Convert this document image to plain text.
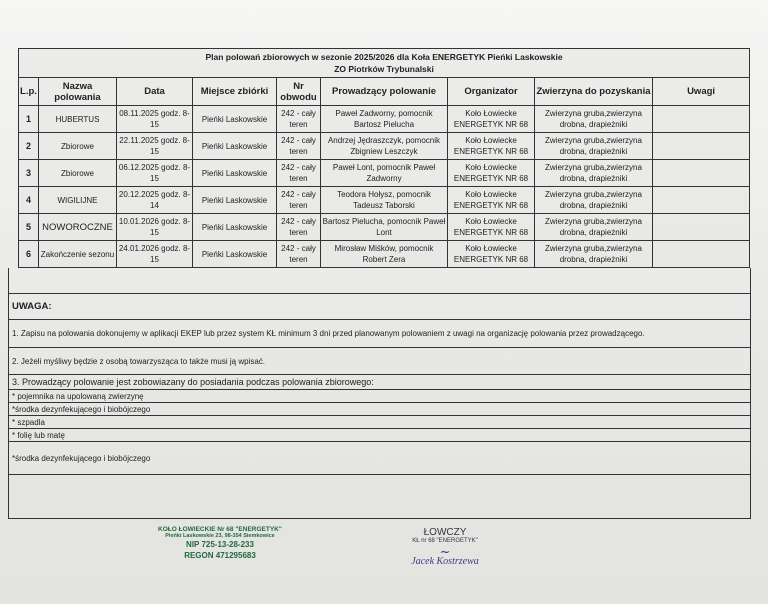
Plan polowań zbiorowych w sezonie 2025/2026 dla Koła ENERGETYK Pieńki Laskowskie
ZO Piotrków Trybunalski								

L.p.	Nazwa polowania	Data	Miejsce zbiórki	Nr obwodu	Prowadzący polowanie	Organizator	Zwierzyna do pozyskania	Uwagi
1	HUBERTUS	08.11.2025 godz. 8-15	Pieńki Laskowskie	242 - cały teren	Paweł Zadworny, pomocnik Bartosz Pielucha	Koło Łowiecke ENERGETYK NR 68	Zwierzyna gruba,zwierzyna drobna, drapieżniki	
2	Zbiorowe	22.11.2025 godz. 8-15	Pieńki Laskowskie	242 - cały teren	Andrzej Jędraszczyk, pomocnik Zbigniew Leszczyk	Koło Łowiecke ENERGETYK NR 68	Zwierzyna gruba,zwierzyna drobna, drapieżniki	
3	Zbiorowe	06.12.2025 godz. 8-15	Pieńki Laskowskie	242 - cały teren	Paweł Lont, pomocnik Paweł Zadworny	Koło Łowiecke ENERGETYK NR 68	Zwierzyna gruba,zwierzyna drobna, drapieżniki	
4	WIGILIJNE	20.12.2025 godz. 8-14	Pieńki Laskowskie	242 - cały teren	Teodora Hołysz, pomocnik Tadeusz Taborski	Koło Łowiecke ENERGETYK NR 68	Zwierzyna gruba,zwierzyna drobna, drapieżniki	
5	NOWOROCZNE	10.01.2026 godz. 8-15	Pieńki Laskowskie	242 - cały teren	Bartosz Pielucha, pomocnik Paweł Lont	Koło Łowiecke ENERGETYK NR 68	Zwierzyna gruba,zwierzyna drobna, drapieżniki	
6	Zakończenie sezonu	24.01.2026 godz. 8-15	Pieńki Laskowskie	242 - cały teren	Mirosław Miśków, pomocnik Robert Zera	Koło Łowiecke ENERGETYK NR 68	Zwierzyna gruba,zwierzyna drobna, drapieżniki	
UWAGA:
1. Zapisu na polowania dokonujemy w aplikacji EKEP lub przez system KŁ minimum 3 dni przed planowanym polowaniem z uwagi na organizację polowania przez prowadzącego.
2. Jeżeli myśliwy będzie z osobą towarzysząca to także musi ją wpisać.
3. Prowadzący polowanie jest zobowiazany do posiadania podczas polowania zbiorowego:
* pojemnika na upolowaną zwierzynę
*środka dezynfekującego i biobójczego
* szpadla
* folię lub matę
*środka dezynfekującego i biobójczego
KOŁO ŁOWIECKIE Nr 68 "ENERGETYK"
Pieńki Laskowskie 23, 98-354 Siemkowice
NIP 725-13-28-233
REGON 471295683
ŁOWCZY
KŁ nr 68 "ENERGETYK"
~
Jacek Kostrzewa
